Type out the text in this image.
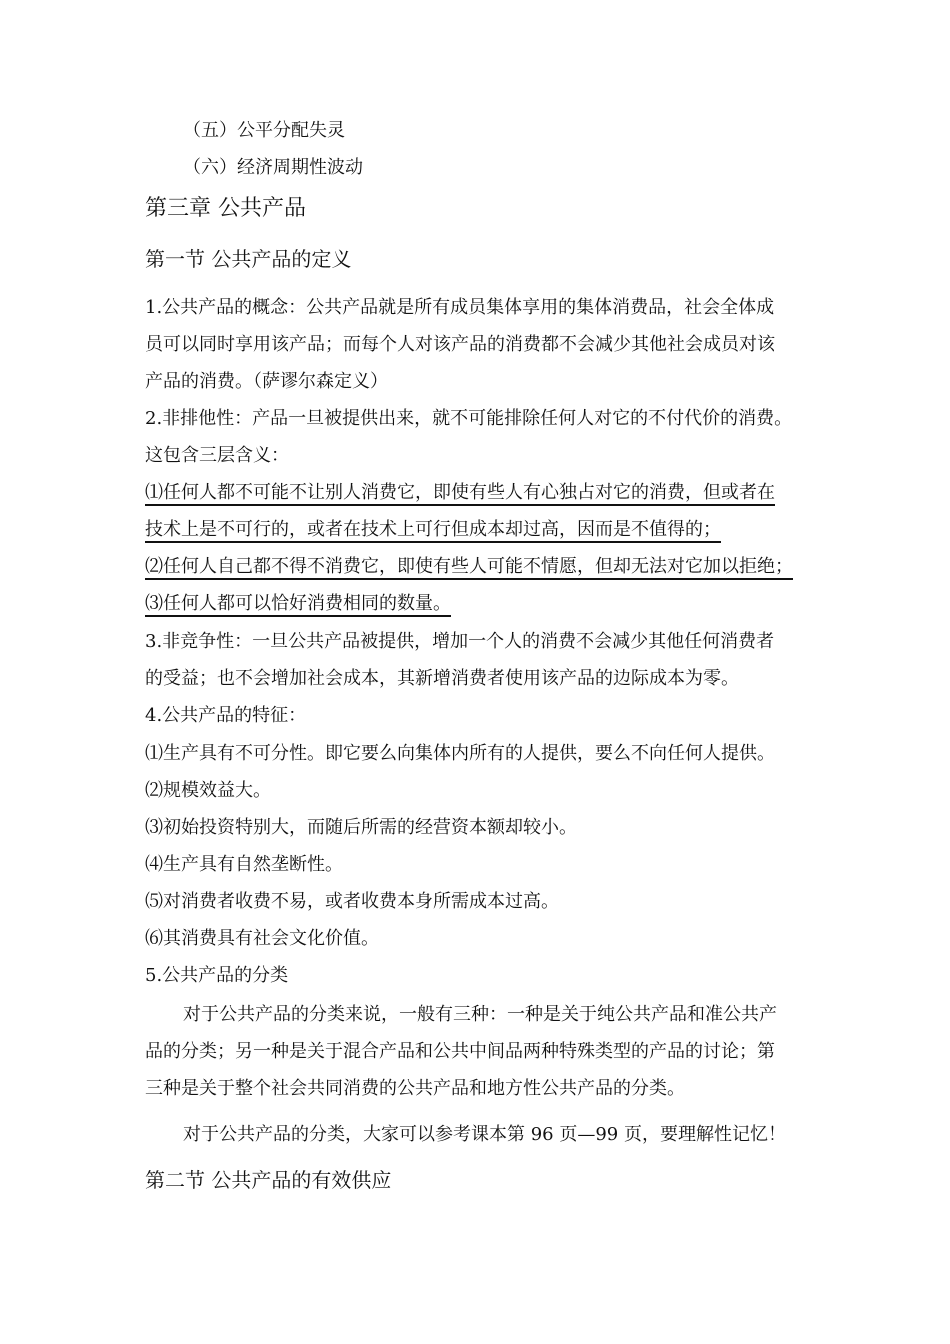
（五）公平分配失灵
（六）经济周期性波动
第三章 公共产品
第一节 公共产品的定义
1.公共产品的概念：公共产品就是所有成员集体享用的集体消费品，社会全体成
员可以同时享用该产品；而每个人对该产品的消费都不会减少其他社会成员对该
产品的消费。（萨谬尔森定义）
2.非排他性：产品一旦被提供出来，就不可能排除任何人对它的不付代价的消费。
这包含三层含义：
⑴任何人都不可能不让别人消费它，即使有些人有心独占对它的消费，但或者在
技术上是不可行的，或者在技术上可行但成本却过高，因而是不值得的；
⑵任何人自己都不得不消费它，即使有些人可能不情愿，但却无法对它加以拒绝；
⑶任何人都可以恰好消费相同的数量。
3.非竞争性：一旦公共产品被提供，增加一个人的消费不会减少其他任何消费者
的受益；也不会增加社会成本，其新增消费者使用该产品的边际成本为零。
4.公共产品的特征：
⑴生产具有不可分性。即它要么向集体内所有的人提供，要么不向任何人提供。
⑵规模效益大。
⑶初始投资特别大，而随后所需的经营资本额却较小。
⑷生产具有自然垄断性。
⑸对消费者收费不易，或者收费本身所需成本过高。
⑹其消费具有社会文化价值。
5.公共产品的分类
对于公共产品的分类来说，一般有三种：一种是关于纯公共产品和准公共产
品的分类；另一种是关于混合产品和公共中间品两种特殊类型的产品的讨论；第
三种是关于整个社会共同消费的公共产品和地方性公共产品的分类。
对于公共产品的分类，大家可以参考课本第 96 页—99 页，要理解性记忆！
第二节 公共产品的有效供应
